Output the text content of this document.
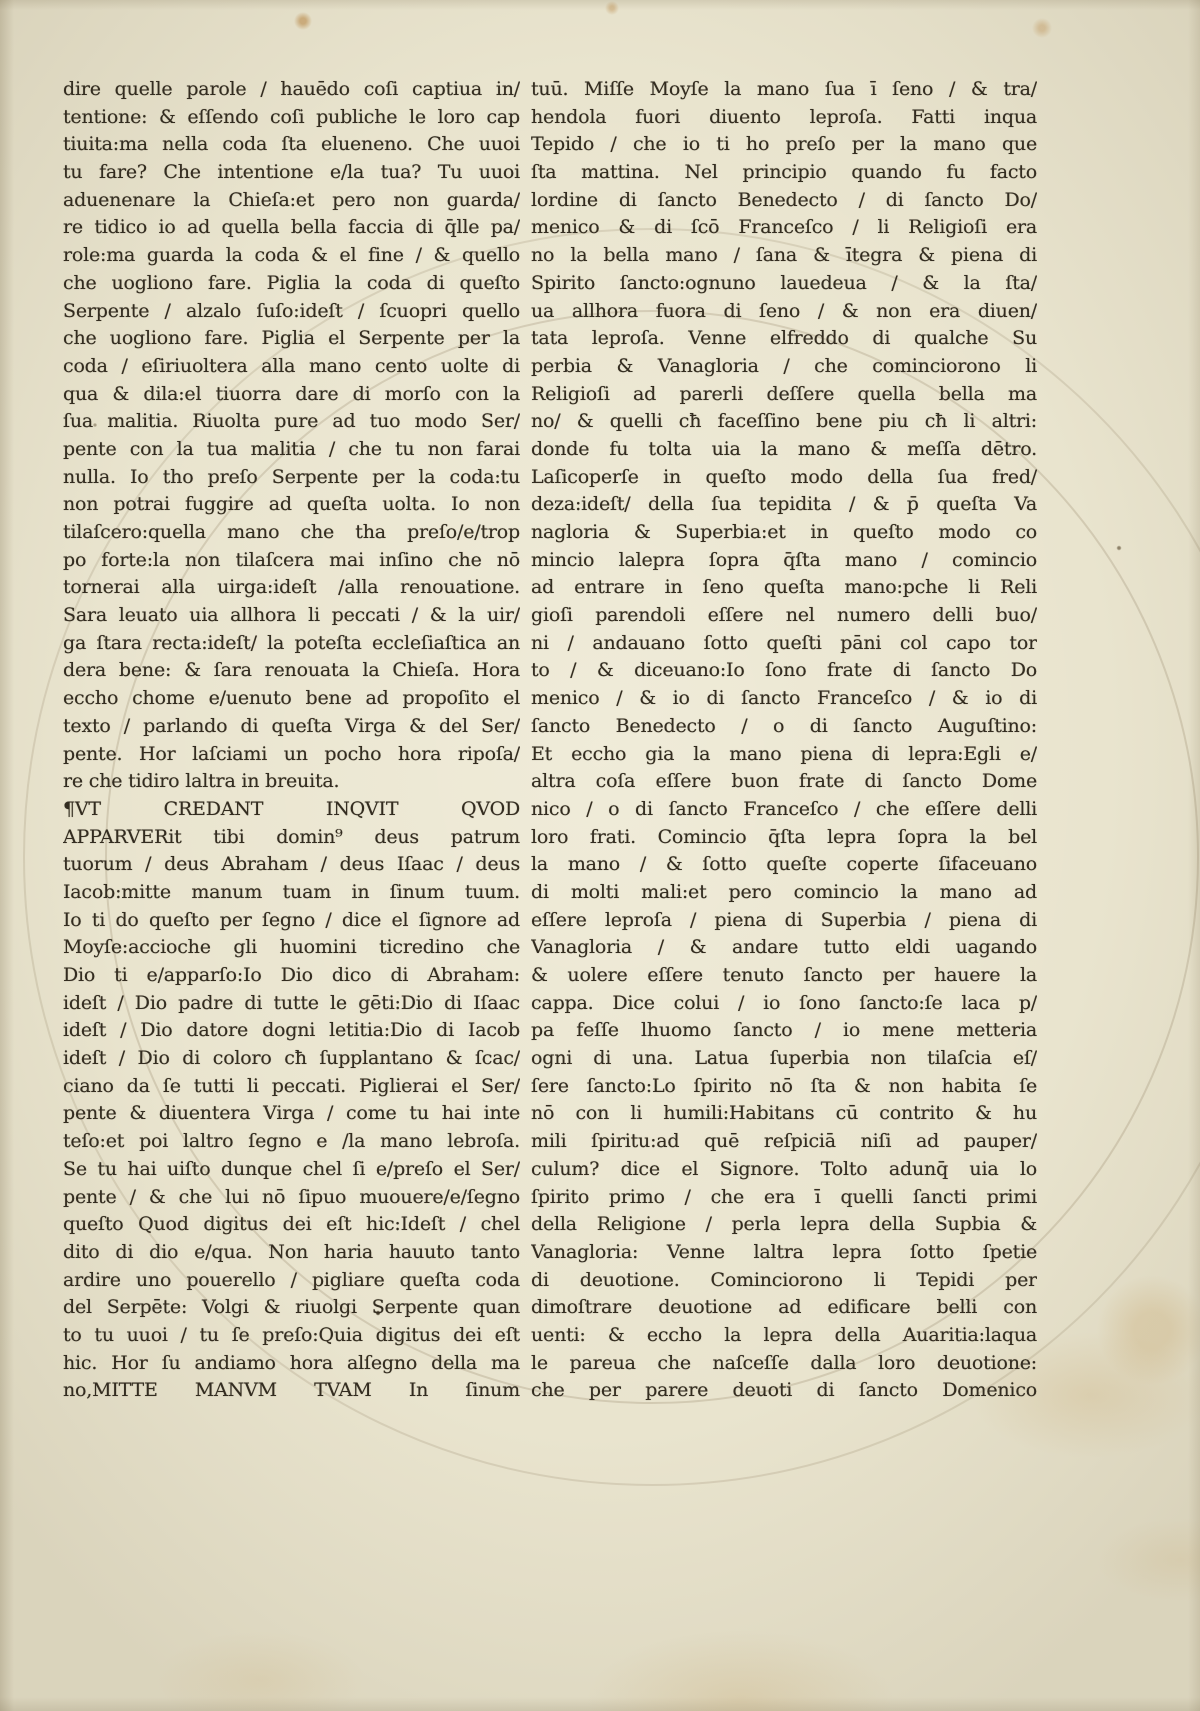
dire quelle parole / hauēdo coſi captiua in/
tentione: & eſſendo coſi publiche le loro cap
tiuita:ma nella coda ſta elueneno. Che uuoi
tu fare? Che intentione e/la tua? Tu uuoi
aduenenare la Chieſa:et pero non guarda/
re tidico io ad quella bella faccia di q̄lle pa/
role:ma guarda la coda & el fine / & quello
che uogliono fare. Piglia la coda di queſto
Serpente / alzalo ſuſo:ideſt / ſcuopri quello
che uogliono fare. Piglia el Serpente per la
coda / eſiriuoltera alla mano cento uolte di
qua & dila:el tiuorra dare di morſo con la
ſua malitia. Riuolta pure ad tuo modo Ser/
pente con la tua malitia / che tu non farai
nulla. Io tho preſo Serpente per la coda:tu
non potrai fuggire ad queſta uolta. Io non
tilaſcero:quella mano che tha preſo/e/trop
po forte:la non tilaſcera mai inſino che nō
tornerai alla uirga:ideſt /alla renouatione.
Sara leuato uia allhora li peccati / & la uir/
ga ſtara recta:ideſt/ la poteſta eccleſiaſtica an
dera bene: & ſara renouata la Chieſa. Hora
eccho chome e/uenuto bene ad propoſito el
texto / parlando di queſta Virga & del Ser/
pente. Hor laſciami un pocho hora ripoſa/
re che tidiro laltra in breuita.
¶VT CREDANT INQVIT QVOD
APPARVERit tibi domin⁹ deus patrum
tuorum / deus Abraham / deus Iſaac / deus
Iacob:mitte manum tuam in ſinum tuum.
Io ti do queſto per ſegno / dice el ſignore ad
Moyſe:accioche gli huomini ticredino che
Dio ti e/apparſo:Io Dio dico di Abraham:
ideſt / Dio padre di tutte le gēti:Dio di Iſaac
ideſt / Dio datore dogni letitia:Dio di Iacob
ideſt / Dio di coloro cħ ſupplantano & ſcac/
ciano da ſe tutti li peccati. Piglierai el Ser/
pente & diuentera Virga / come tu hai inte
teſo:et poi laltro ſegno e /la mano lebroſa.
Se tu hai uiſto dunque chel ſi e/preſo el Ser/
pente / & che lui nō ſipuo muouere/e/ſegno
queſto Quod digitus dei eſt hic:Ideſt / chel
dito di dio e/qua. Non haria hauuto tanto
ardire uno pouerello / pigliare queſta coda
del Serpēte: Volgi & riuolgi Serpente quan
to tu uuoi / tu ſe preſo:Quia digitus dei eſt
hic. Hor ſu andiamo hora alſegno della ma
no,MITTE MANVM TVAM In ſinum
tuū. Miſſe Moyſe la mano ſua ī ſeno / & tra/
hendola fuori diuento leproſa. Fatti inqua
Tepido / che io ti ho preſo per la mano que
ſta mattina. Nel principio quando fu facto
lordine di ſancto Benedecto / di ſancto Do/
menico & di ſcō Franceſco / li Religioſi era
no la bella mano / ſana & ītegra & piena di
Spirito ſancto:ognuno lauedeua / & la ſta/
ua allhora fuora di ſeno / & non era diuen/
tata leproſa. Venne elfreddo di qualche Su
perbia & Vanagloria / che cominciorono li
Religioſi ad parerli deſſere quella bella ma
no/ & quelli cħ faceſſino bene piu cħ li altri:
donde fu tolta uia la mano & meſſa dētro.
Laſicoperſe in queſto modo della ſua fred/
deza:ideſt/ della ſua tepidita / & p̄ queſta Va
nagloria & Superbia:et in queſto modo co
mincio lalepra ſopra q̄ſta mano / comincio
ad entrare in ſeno queſta mano:pche li Reli
gioſi parendoli eſſere nel numero delli buo/
ni / andauano ſotto queſti pāni col capo tor
to / & diceuano:Io ſono frate di ſancto Do
menico / & io di ſancto Franceſco / & io di
ſancto Benedecto / o di ſancto Auguſtino:
Et eccho gia la mano piena di lepra:Egli e/
altra coſa eſſere buon frate di ſancto Dome
nico / o di ſancto Franceſco / che eſſere delli
loro frati. Comincio q̄ſta lepra ſopra la bel
la mano / & ſotto queſte coperte ſifaceuano
di molti mali:et pero comincio la mano ad
eſſere leproſa / piena di Superbia / piena di
Vanagloria / & andare tutto eldi uagando
& uolere eſſere tenuto ſancto per hauere la
cappa. Dice colui / io ſono ſancto:ſe laca p/
pa feſſe lhuomo ſancto / io mene metteria
ogni di una. Latua ſuperbia non tilaſcia eſ/
ſere ſancto:Lo ſpirito nō ſta & non habita ſe
nō con li humili:Habitans cū contrito & hu
mili ſpiritu:ad quē reſpiciā niſi ad pauper/
culum? dice el Signore. Tolto adunq̄ uia lo
ſpirito primo / che era ī quelli ſancti primi
della Religione / perla lepra della Supbia &
Vanagloria: Venne laltra lepra ſotto ſpetie
di deuotione. Cominciorono li Tepidi per
dimoſtrare deuotione ad edificare belli con
uenti: & eccho la lepra della Auaritia:laqua
le pareua che naſceſſe dalla loro deuotione:
che per parere deuoti di ſancto Domenico
